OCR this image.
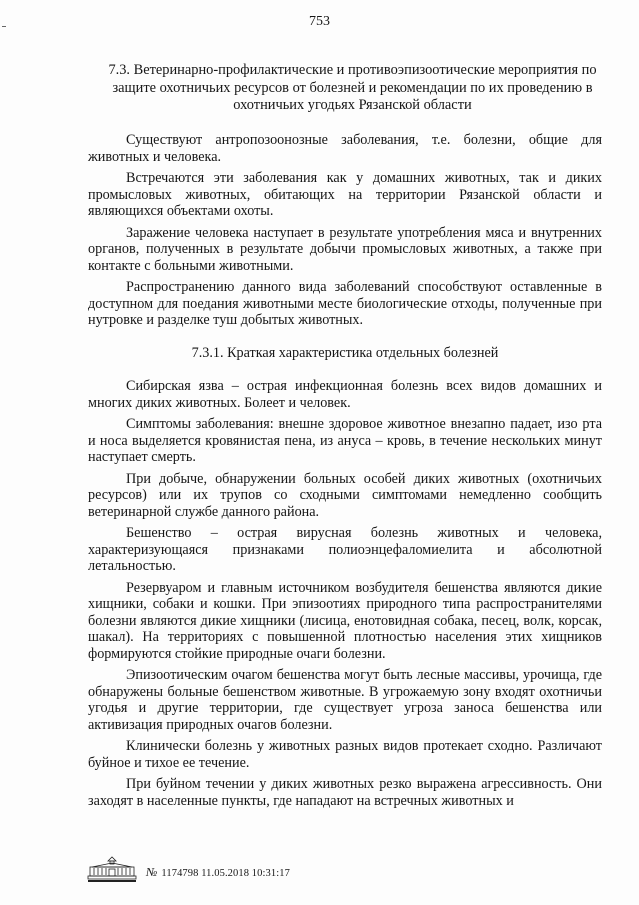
753
7.3. Ветеринарно-профилактические и противоэпизоотические мероприятия по защите охотничьих ресурсов от болезней и рекомендации по их проведению в охотничьих угодьях Рязанской области

Существуют антропозоонозные заболевания, т.е. болезни, общие для животных и человека.

Встречаются эти заболевания как у домашних животных, так и диких промысловых животных, обитающих на территории Рязанской области и являющихся объектами охоты.

Заражение человека наступает в результате употребления мяса и внутренних органов, полученных в результате добычи промысловых животных, а также при контакте с больными животными.

Распространению данного вида заболеваний способствуют оставленные в доступном для поедания животными месте биологические отходы, полученные при нутровке и разделке туш добытых животных.

7.3.1. Краткая характеристика отдельных болезней

Сибирская язва – острая инфекционная болезнь всех видов домашних и многих диких животных. Болеет и человек.

Симптомы заболевания: внешне здоровое животное внезапно падает, изо рта и носа выделяется кровянистая пена, из ануса – кровь, в течение нескольких минут наступает смерть.

При добыче, обнаружении больных особей диких животных (охотничьих ресурсов) или их трупов со сходными симптомами немедленно сообщить ветеринарной службе данного района.

Бешенство – острая вирусная болезнь животных и человека, характеризующаяся признаками полиоэнцефаломиелита и абсолютной летальностью.

Резервуаром и главным источником возбудителя бешенства являются дикие хищники, собаки и кошки. При эпизоотиях природного типа распространителями болезни являются дикие хищники (лисица, енотовидная собака, песец, волк, корсак, шакал). На территориях с повышенной плотностью населения этих хищников формируются стойкие природные очаги болезни.

Эпизоотическим очагом бешенства могут быть лесные массивы, урочища, где обнаружены больные бешенством животные. В угрожаемую зону входят охотничьи угодья и другие территории, где существует угроза заноса бешенства или активизация природных очагов болезни.

Клинически болезнь у животных разных видов протекает сходно. Различают буйное и тихое ее течение.

При буйном течении у диких животных резко выражена агрессивность. Они заходят в населенные пункты, где нападают на встречных животных и

№ 1174798 11.05.2018 10:31:17
